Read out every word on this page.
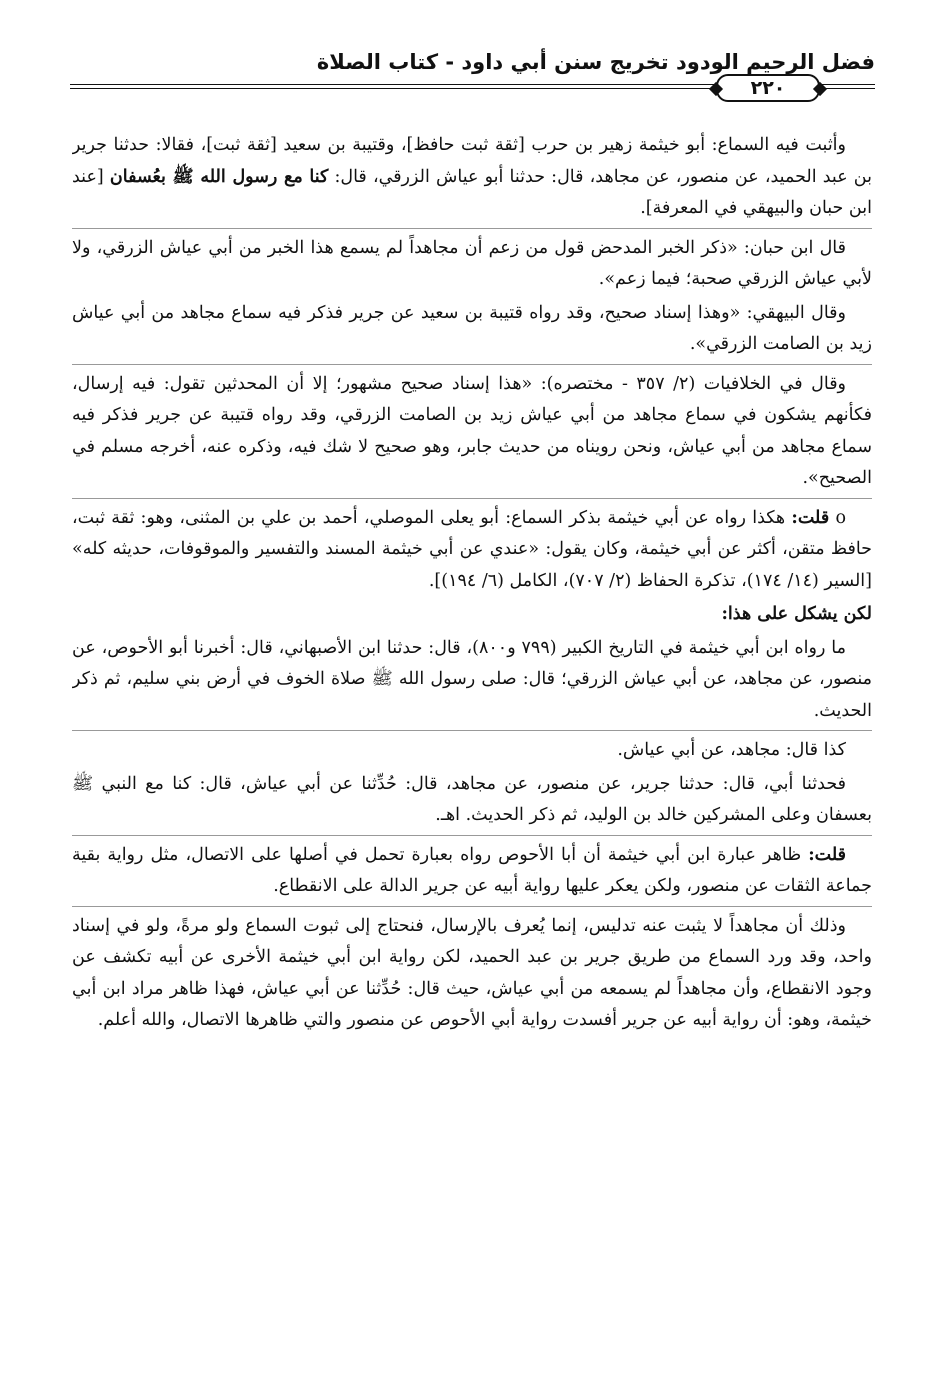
فضل الرحيم الودود تخريج سنن أبي داود - كتاب الصلاة
٢٢٠

وأثبت فيه السماع: أبو خيثمة زهير بن حرب [ثقة ثبت حافظ]، وقتيبة بن سعيد [ثقة ثبت]، فقالا: حدثنا جرير بن عبد الحميد، عن منصور، عن مجاهد، قال: حدثنا أبو عياش الزرقي، قال: كنا مع رسول الله ﷺ بعُسفان [عند ابن حبان والبيهقي في المعرفة].

قال ابن حبان: «ذكر الخبر المدحض قول من زعم أن مجاهداً لم يسمع هذا الخبر من أبي عياش الزرقي، ولا لأبي عياش الزرقي صحبة؛ فيما زعم».

وقال البيهقي: «وهذا إسناد صحيح، وقد رواه قتيبة بن سعيد عن جرير فذكر فيه سماع مجاهد من أبي عياش زيد بن الصامت الزرقي».

وقال في الخلافيات (٢/ ٣٥٧ - مختصره): «هذا إسناد صحيح مشهور؛ إلا أن المحدثين تقول: فيه إرسال، فكأنهم يشكون في سماع مجاهد من أبي عياش زيد بن الصامت الزرقي، وقد رواه قتيبة عن جرير فذكر فيه سماع مجاهد من أبي عياش، ونحن رويناه من حديث جابر، وهو صحيح لا شك فيه، وذكره عنه، أخرجه مسلم في الصحيح».

o قلت: هكذا رواه عن أبي خيثمة بذكر السماع: أبو يعلى الموصلي، أحمد بن علي بن المثنى، وهو: ثقة ثبت، حافظ متقن، أكثر عن أبي خيثمة، وكان يقول: «عندي عن أبي خيثمة المسند والتفسير والموقوفات، حديثه كله» [السير (١٤/ ١٧٤)، تذكرة الحفاظ (٢/ ٧٠٧)، الكامل (٦/ ١٩٤)].

لكن يشكل على هذا:

ما رواه ابن أبي خيثمة في التاريخ الكبير (٧٩٩ و٨٠٠)، قال: حدثنا ابن الأصبهاني، قال: أخبرنا أبو الأحوص، عن منصور، عن مجاهد، عن أبي عياش الزرقي؛ قال: صلى رسول الله ﷺ صلاة الخوف في أرض بني سليم، ثم ذكر الحديث.

كذا قال: مجاهد، عن أبي عياش.

فحدثنا أبي، قال: حدثنا جرير، عن منصور، عن مجاهد، قال: حُدِّثنا عن أبي عياش، قال: كنا مع النبي ﷺ بعسفان وعلى المشركين خالد بن الوليد، ثم ذكر الحديث. اهـ.

قلت: ظاهر عبارة ابن أبي خيثمة أن أبا الأحوص رواه بعبارة تحمل في أصلها على الاتصال، مثل رواية بقية جماعة الثقات عن منصور، ولكن يعكر عليها رواية أبيه عن جرير الدالة على الانقطاع.

وذلك أن مجاهداً لا يثبت عنه تدليس، إنما يُعرف بالإرسال، فنحتاج إلى ثبوت السماع ولو مرةً، ولو في إسناد واحد، وقد ورد السماع من طريق جرير بن عبد الحميد، لكن رواية ابن أبي خيثمة الأخرى عن أبيه تكشف عن وجود الانقطاع، وأن مجاهداً لم يسمعه من أبي عياش، حيث قال: حُدِّثنا عن أبي عياش، فهذا ظاهر مراد ابن أبي خيثمة، وهو: أن رواية أبيه عن جرير أفسدت رواية أبي الأحوص عن منصور والتي ظاهرها الاتصال، والله أعلم.
